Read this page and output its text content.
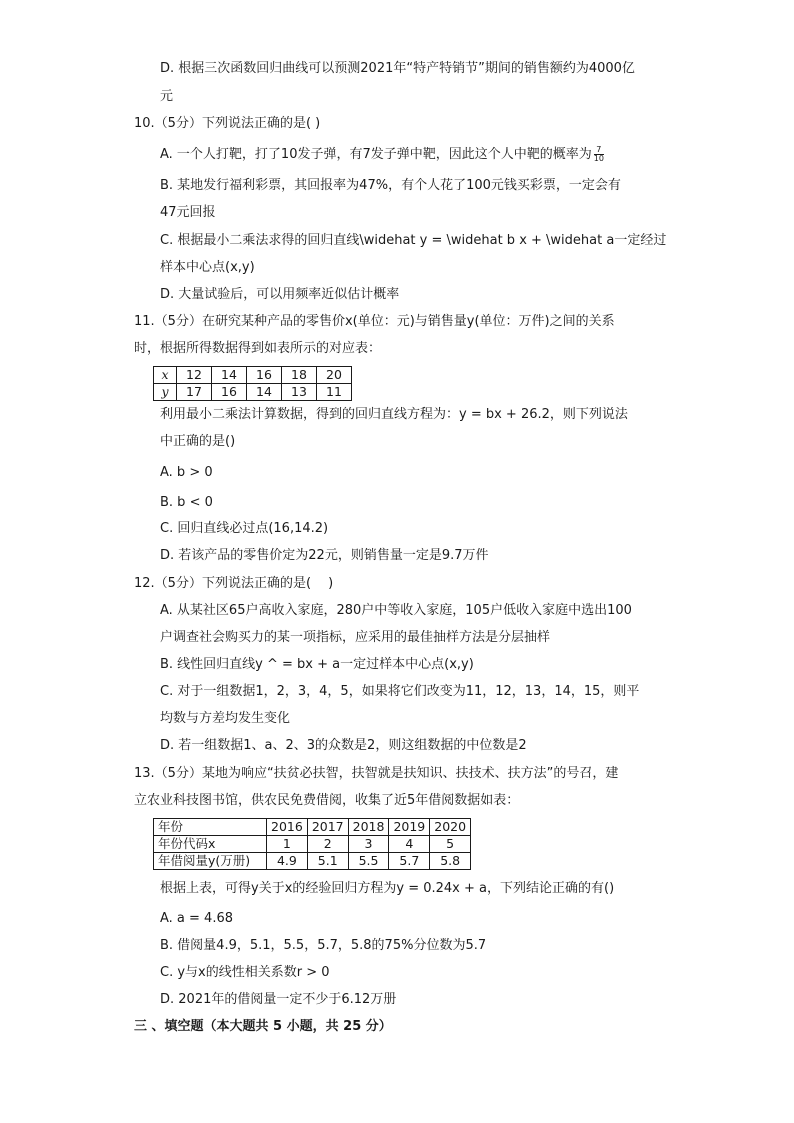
D. 根据三次函数回归曲线可以预测2021年“特产特销节”期间的销售额约为4000亿
元
10.（5分）下列说法正确的是( )
A. 一个人打靶，打了10发子弹，有7发子弹中靶，因此这个人中靶的概率为 $\frac{7}{10}$
B. 某地发行福利彩票，其回报率为47%，有个人花了100元钱买彩票，一定会有
47元回报
C. 根据最小二乘法求得的回归直线\widehat y = \widehat b x + \widehat a一定经过
样本中心点(x,y)
D. 大量试验后，可以用频率近似估计概率
11.（5分）在研究某种产品的零售价x(单位：元)与销售量y(单位：万件)之间的关系
时，根据所得数据得到如表所示的对应表：
x	12	14	16	18	20
y	17	16	14	13	11
利用最小二乘法计算数据，得到的回归直线方程为：y = bx + 26.2，则下列说法
中正确的是()
A. b > 0
B. b < 0
C. 回归直线必过点(16,14.2)
D. 若该产品的零售价定为22元，则销售量一定是9.7万件
12.（5分）下列说法正确的是(　 )
A. 从某社区65户高收入家庭，280户中等收入家庭，105户低收入家庭中选出100
户调查社会购买力的某一项指标，应采用的最佳抽样方法是分层抽样
B. 线性回归直线y ^ = bx + a一定过样本中心点(x,y)
C. 对于一组数据1，2，3，4，5，如果将它们改变为11，12，13，14，15，则平
均数与方差均发生变化
D. 若一组数据1、a、2、3的众数是2，则这组数据的中位数是2
13.（5分）某地为响应“扶贫必扶智，扶智就是扶知识、扶技术、扶方法”的号召，建
立农业科技图书馆，供农民免费借阅，收集了近5年借阅数据如表：
年份	2016	2017	2018	2019	2020
年份代码x	1	2	3	4	5
年借阅量y(万册)	4.9	5.1	5.5	5.7	5.8
根据上表，可得y关于x的经验回归方程为y = 0.24x + a，下列结论正确的有()
A. a = 4.68
B. 借阅量4.9，5.1，5.5，5.7，5.8的75%分位数为5.7
C. y与x的线性相关系数r > 0
D. 2021年的借阅量一定不少于6.12万册
三 、填空题（本大题共 5 小题，共 25 分）
